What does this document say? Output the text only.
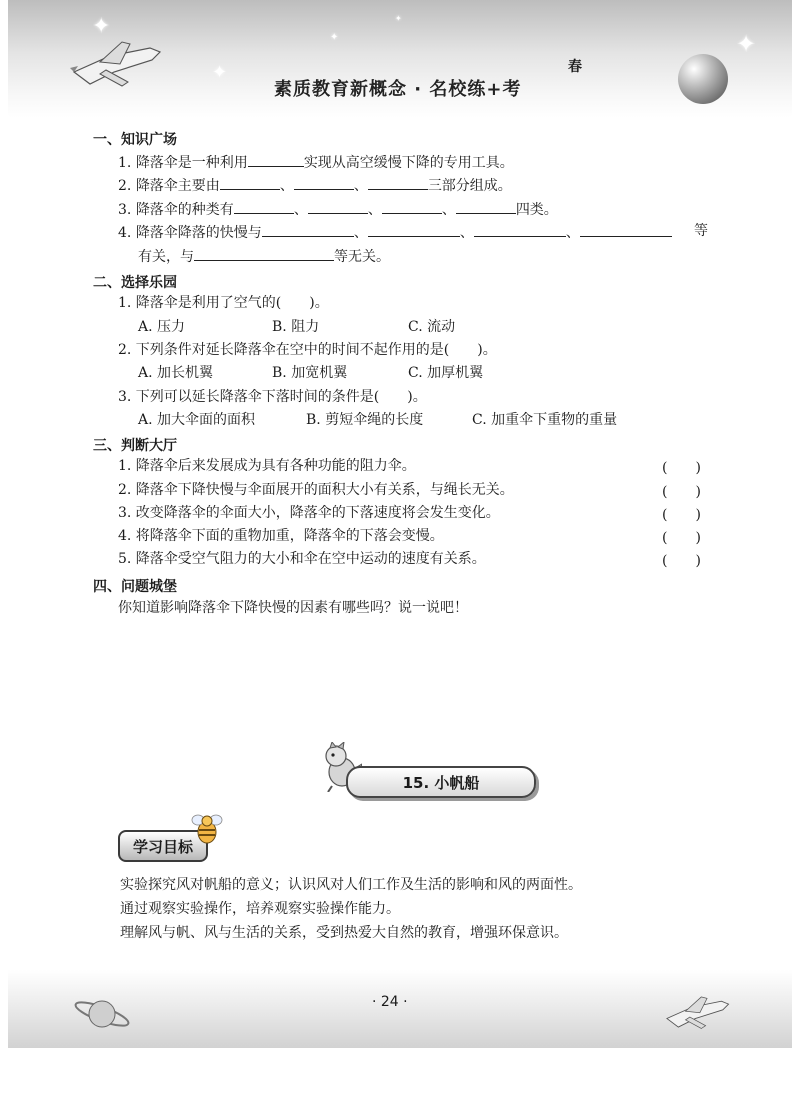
✦
✦
✦
✦
✦
素质教育新概念 · 名校练+考
春
一、知识广场
1. 降落伞是一种利用	实现从高空缓慢下降的专用工具。
2. 降落伞主要由	、	、	三部分组成。
3. 降落伞的种类有	、	、	、	四类。
4. 降落伞降落的快慢与	、	、	、	等
有关，与	等无关。
二、选择乐园
1. 降落伞是利用了空气的(　　)。
A. 压力	B. 阻力	C. 流动
2. 下列条件对延长降落伞在空中的时间不起作用的是(　　)。
A. 加长机翼	B. 加宽机翼	C. 加厚机翼
3. 下列可以延长降落伞下落时间的条件是(　　)。
A. 加大伞面的面积	B. 剪短伞绳的长度	C. 加重伞下重物的重量
三、判断大厅
1. 降落伞后来发展成为具有各种功能的阻力伞。	(　　)
2. 降落伞下降快慢与伞面展开的面积大小有关系，与绳长无关。	(　　)
3. 改变降落伞的伞面大小，降落伞的下落速度将会发生变化。	(　　)
4. 将降落伞下面的重物加重，降落伞的下落会变慢。	(　　)
5. 降落伞受空气阻力的大小和伞在空中运动的速度有关系。	(　　)
四、问题城堡
你知道影响降落伞下降快慢的因素有哪些吗？说一说吧！
15. 小帆船
学习目标
实验探究风对帆船的意义；认识风对人们工作及生活的影响和风的两面性。
通过观察实验操作，培养观察实验操作能力。
理解风与帆、风与生活的关系，受到热爱大自然的教育，增强环保意识。
· 24 ·
